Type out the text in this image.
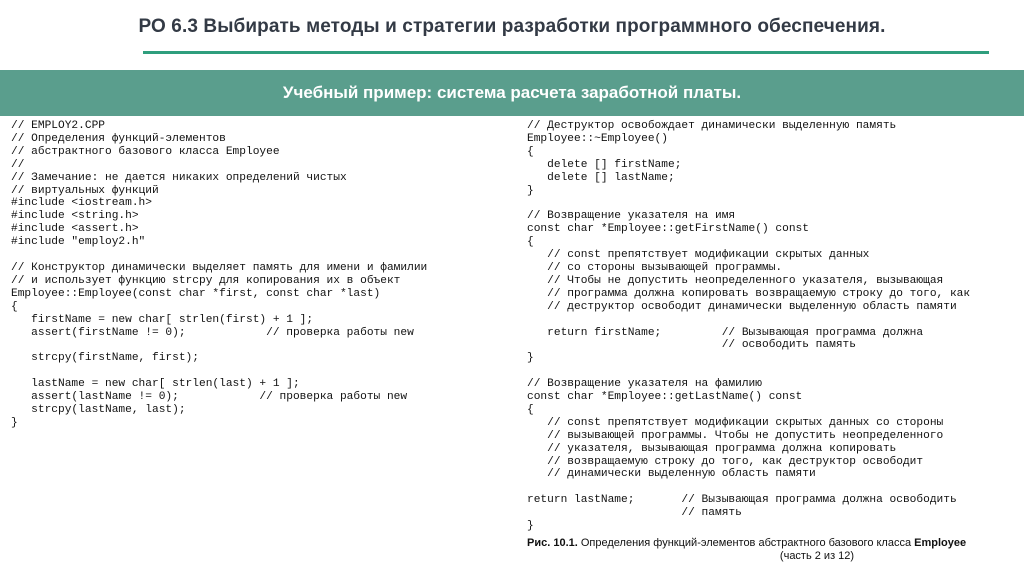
РО 6.3 Выбирать методы и стратегии разработки программного обеспечения.
Учебный пример: система расчета заработной платы.
// EMPLOY2.CPP
// Определения функций-элементов
// абстрактного базового класса Employee
//
// Замечание: не дается никаких определений чистых
// виртуальных функций
#include <iostream.h>
#include <string.h>
#include <assert.h>
#include "employ2.h"

// Конструктор динамически выделяет память для имени и фамилии
// и использует функцию strcpy для копирования их в объект
Employee::Employee(const char *first, const char *last)
{
firstName = new char[ strlen(first) + 1 ];
assert(firstName != 0);            // проверка работы new

strcpy(firstName, first);

lastName = new char[ strlen(last) + 1 ];
assert(lastName != 0);            // проверка работы new
strcpy(lastName, last);
}
// Деструктор освобождает динамически выделенную память
Employee::~Employee()
{
delete [] firstName;
delete [] lastName;
}

// Возвращение указателя на имя
const char *Employee::getFirstName() const
{
// const препятствует модификации скрытых данных
// со стороны вызывающей программы.
// Чтобы не допустить неопределенного указателя, вызывающая
// программа должна копировать возвращаемую строку до того, как
// деструктор освободит динамически выделенную область памяти

return firstName;         // Вызывающая программа должна
// освободить память
}

// Возвращение указателя на фамилию
const char *Employee::getLastName() const
{
// const препятствует модификации скрытых данных со стороны
// вызывающей программы. Чтобы не допустить неопределенного
// указателя, вызывающая программа должна копировать
// возвращаемую строку до того, как деструктор освободит
// динамически выделенную область памяти

return lastName;       // Вызывающая программа должна освободить
// память
}
Рис. 10.1. Определения функций-элементов абстрактного базового класса Employee
(часть 2 из 12)
